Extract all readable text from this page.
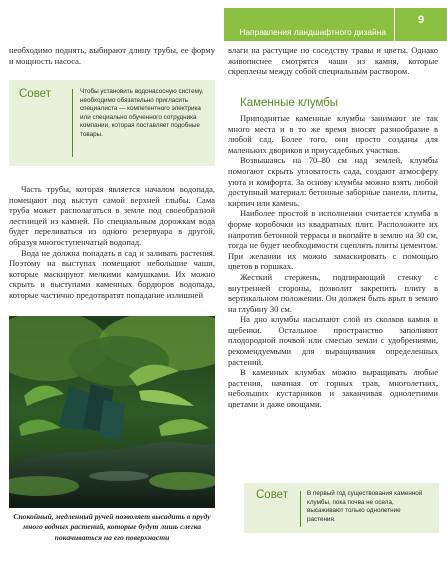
Направления ландшафтного дизайна
9

необходимо поднять, выбирают длину трубы, ее форму и мощность насоса.

Совет	Чтобы установить водонасосную систему, необходимо обязательно пригласить специалиста — компетентного электрика или специально обученного сотрудника компании, которая поставляет подобные товары.

Часть трубы, которая является началом водопада, помещают под выступ самой верхней глыбы. Сама труба может располагаться в земле под своеобразной лестницей из камней. По специальным дорожкам вода будет переливаться из одного резервуара в другой, образуя многоступенчатый водопад.

Вода не должна попадать в сад и заливать растения. Поэтому на выступах помещают небольшие чаши, которые маскируют мелкими камушками. Их можно скрыть и выступами каменных бордюров водопада, которые частично предотвратят попадание излишней

Спокойный, медленный ручей позволяет высадить в прудy много водных растений, которые будут лишь слегка покачиваться на его поверхности

влаги на растущие по соседству травы и цветы. Однако живописнее смотрятся чаши из камня, которые скреплены между собой специальным раствором.

Каменные клумбы

Приподнятые каменные клумбы занимают не так много места и в то же время вносят разнообразие в любой сад. Более того, они просто созданы для маленьких двориков и приусадебных участков.

Возвышаясь на 70–80 см над землей, клумбы помогают скрыть угловатость сада, создают атмосферу уюта и комфорта. За основу клумбы можно взять любой доступный материал: бетонные заборные панели, плиты, кирпич или камень.

Наиболее простой в исполнении считается клумба в форме коробочки из квадратных плит. Расположите их напротив бетонной террасы и вкопайте в землю на 30 см, тогда не будет необходимости сцеплять плиты цементом. При желании их можно замаскировать с помощью цветов в горшках.

Жесткий стержень, подпирающий стенку с внутренней стороны, позволит закрепить плиту в вертикальном положении. Он должен быть врыт в землю на глубину 30 см.

На дно клумбы насыпают слой из сколков камня и щебенки. Остальное пространство заполняют плодородной почвой или смесью земли с удобрениями, рекомендуемыми для выращивания определенных растений.

В каменных клумбах можно выращивать любые растения, начиная от горных трав, многолетних, небольших кустарников и заканчивая однолетними цветами и даже овощами.

Совет	В первый год существования каменной клумбы, пока почва не осела, высаживают только однолетние растения.
